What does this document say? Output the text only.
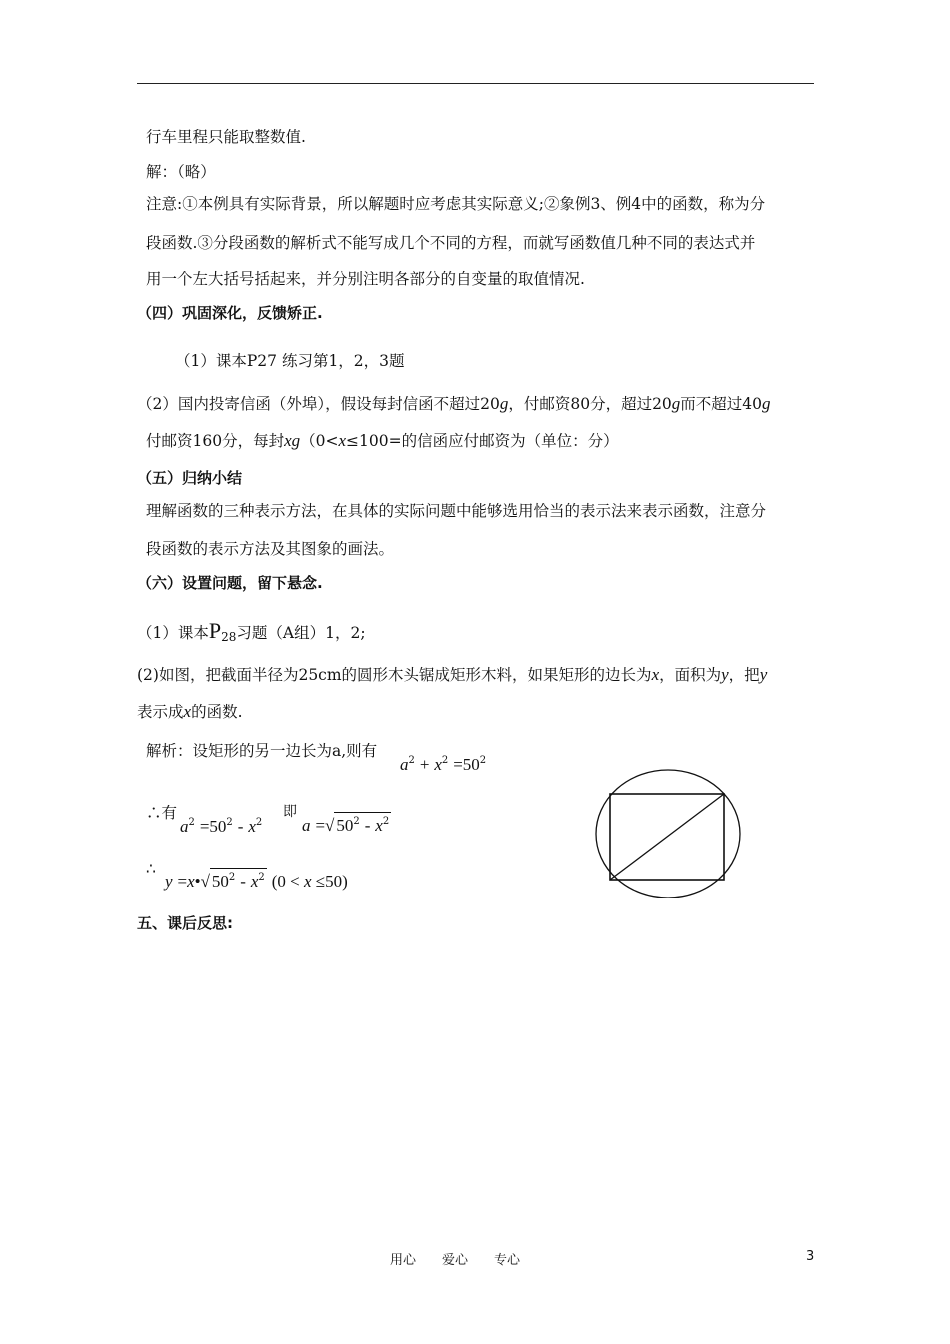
行车里程只能取整数值.
解：（略）
注意:①本例具有实际背景，所以解题时应考虑其实际意义;②象例3、例4中的函数，称为分
段函数.③分段函数的解析式不能写成几个不同的方程，而就写函数值几种不同的表达式并
用一个左大括号括起来，并分别注明各部分的自变量的取值情况.
（四）巩固深化，反馈矫正.
（1）课本P27 练习第1，2，3题
（2）国内投寄信函（外埠），假设每封信函不超过20g，付邮资80分，超过20g而不超过40g
付邮资160分，每封xg（0<x≤100=的信函应付邮资为（单位：分）
（五）归纳小结
理解函数的三种表示方法，在具体的实际问题中能够选用恰当的表示法来表示函数，注意分
段函数的表示方法及其图象的画法。
（六）设置问题，留下悬念.
（1）课本$P_{28}$习题（A组）1，2;
(2)如图，把截面半径为25cm的圆形木头锯成矩形木料，如果矩形的边长为x，面积为y，把y
表示成x的函数.
解析：设矩形的另一边长为a,则有
$a^2 + x^2 =50^2$
∴有
$a^2 =50^2 - x^2$
即
a =√ $50^2 - x^2$
∴
y =x•√ $50^2 - x^2$ (0 < x ≤50)
五、课后反思:
用心　　爱心　　专心	3
